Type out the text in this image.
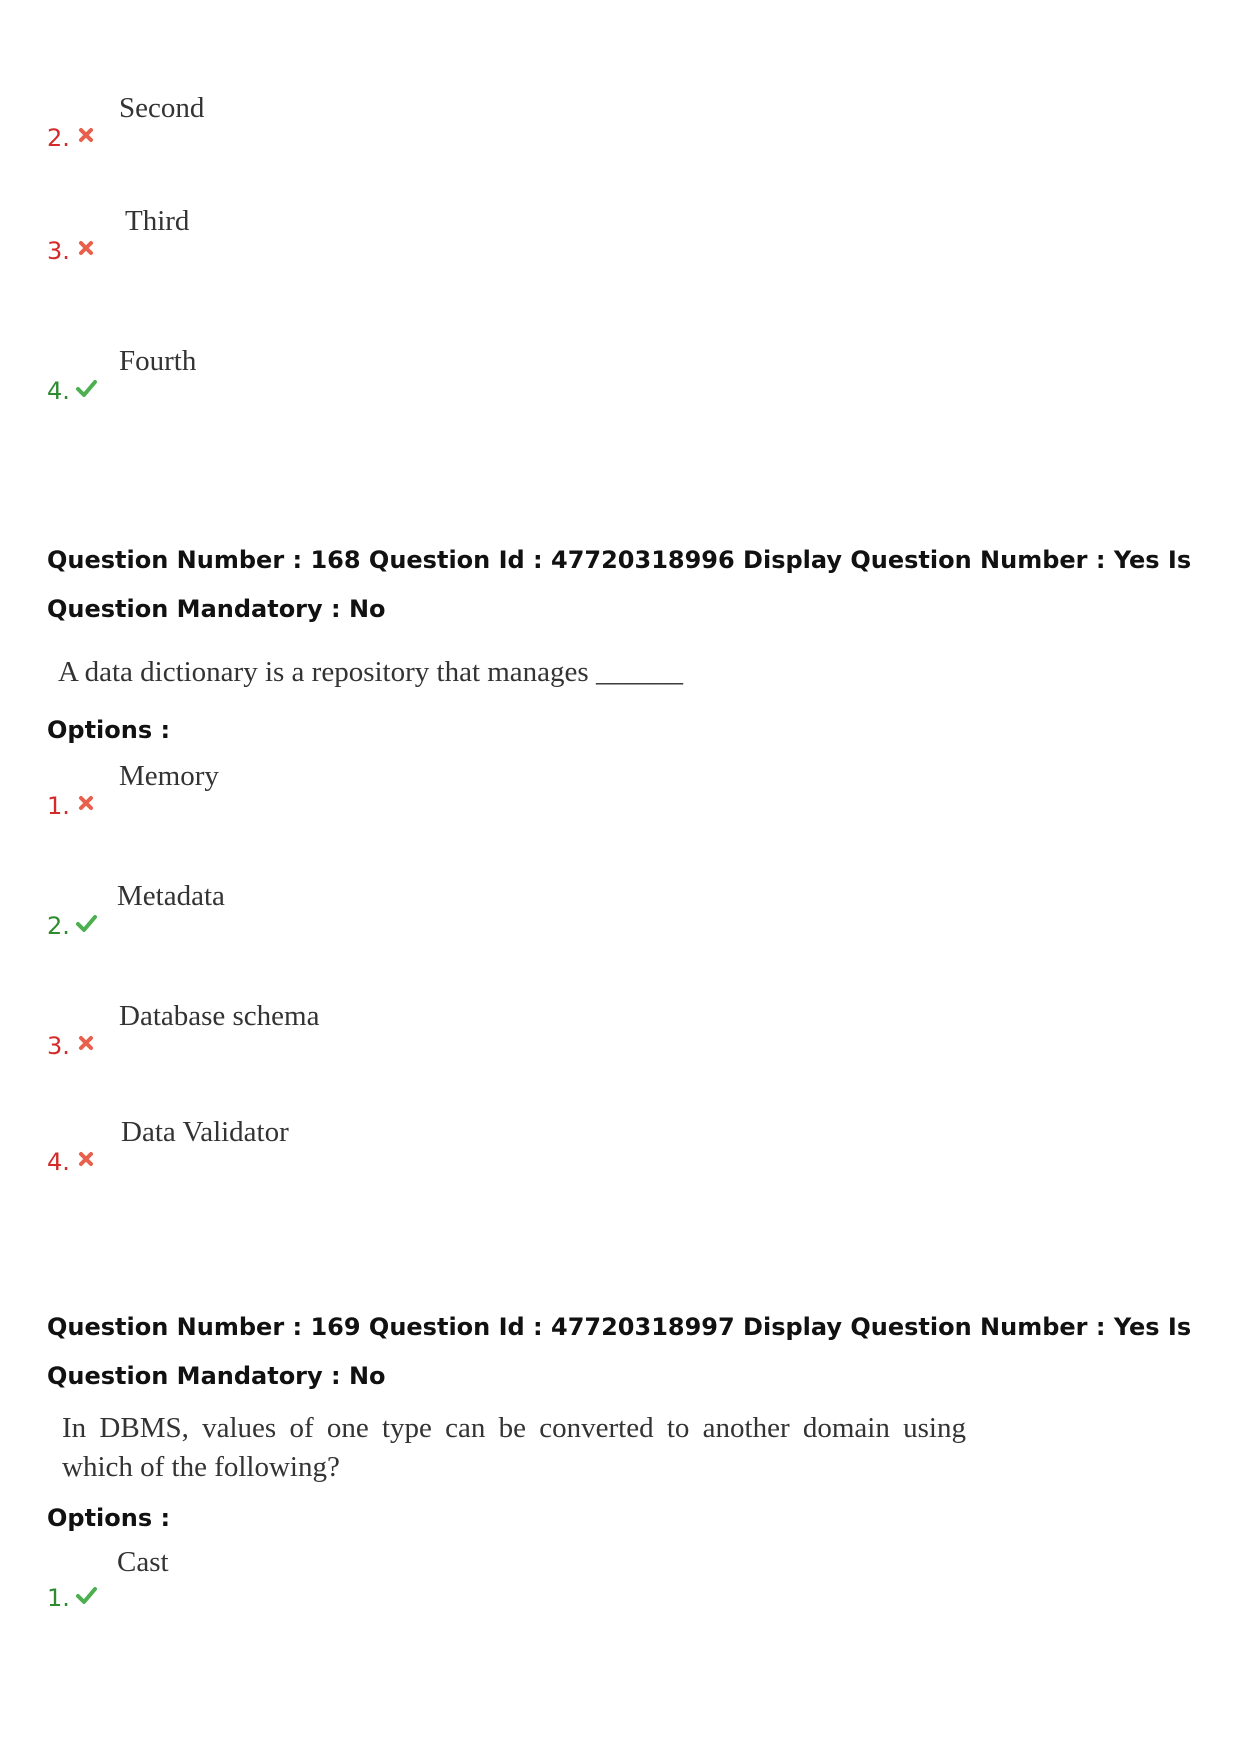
2.
Second
3.
Third
4.
Fourth
Question Number : 168 Question Id : 47720318996 Display Question Number : Yes Is Question Mandatory : No
A data dictionary is a repository that manages ______
Options :
1.
Memory
2.
Metadata
3.
Database schema
4.
Data Validator
Question Number : 169 Question Id : 47720318997 Display Question Number : Yes Is Question Mandatory : No
In DBMS, values of one type can be converted to another domain using
which of the following?
Options :
1.
Cast
